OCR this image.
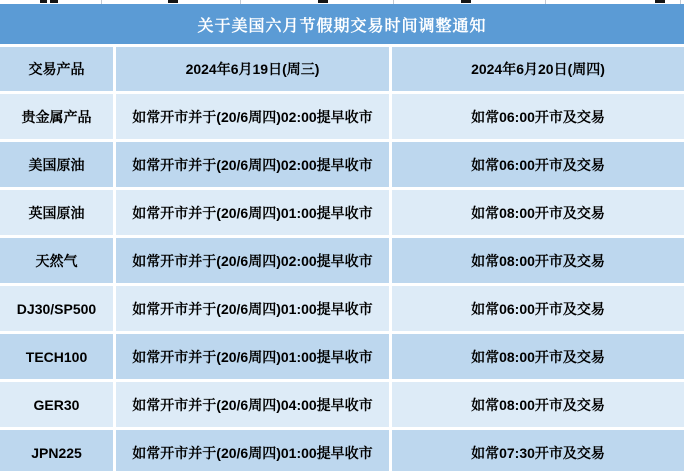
关于美国六月节假期交易时间调整通知
交易产品	2024年6月19日(周三)	2024年6月20日(周四)
贵金属产品	如常开市并于(20/6周四)02:00提早收市	如常06:00开市及交易
美国原油	如常开市并于(20/6周四)02:00提早收市	如常06:00开市及交易
英国原油	如常开市并于(20/6周四)01:00提早收市	如常08:00开市及交易
天然气	如常开市并于(20/6周四)02:00提早收市	如常08:00开市及交易
DJ30/SP500	如常开市并于(20/6周四)01:00提早收市	如常06:00开市及交易
TECH100	如常开市并于(20/6周四)01:00提早收市	如常08:00开市及交易
GER30	如常开市并于(20/6周四)04:00提早收市	如常08:00开市及交易
JPN225	如常开市并于(20/6周四)01:00提早收市	如常07:30开市及交易
